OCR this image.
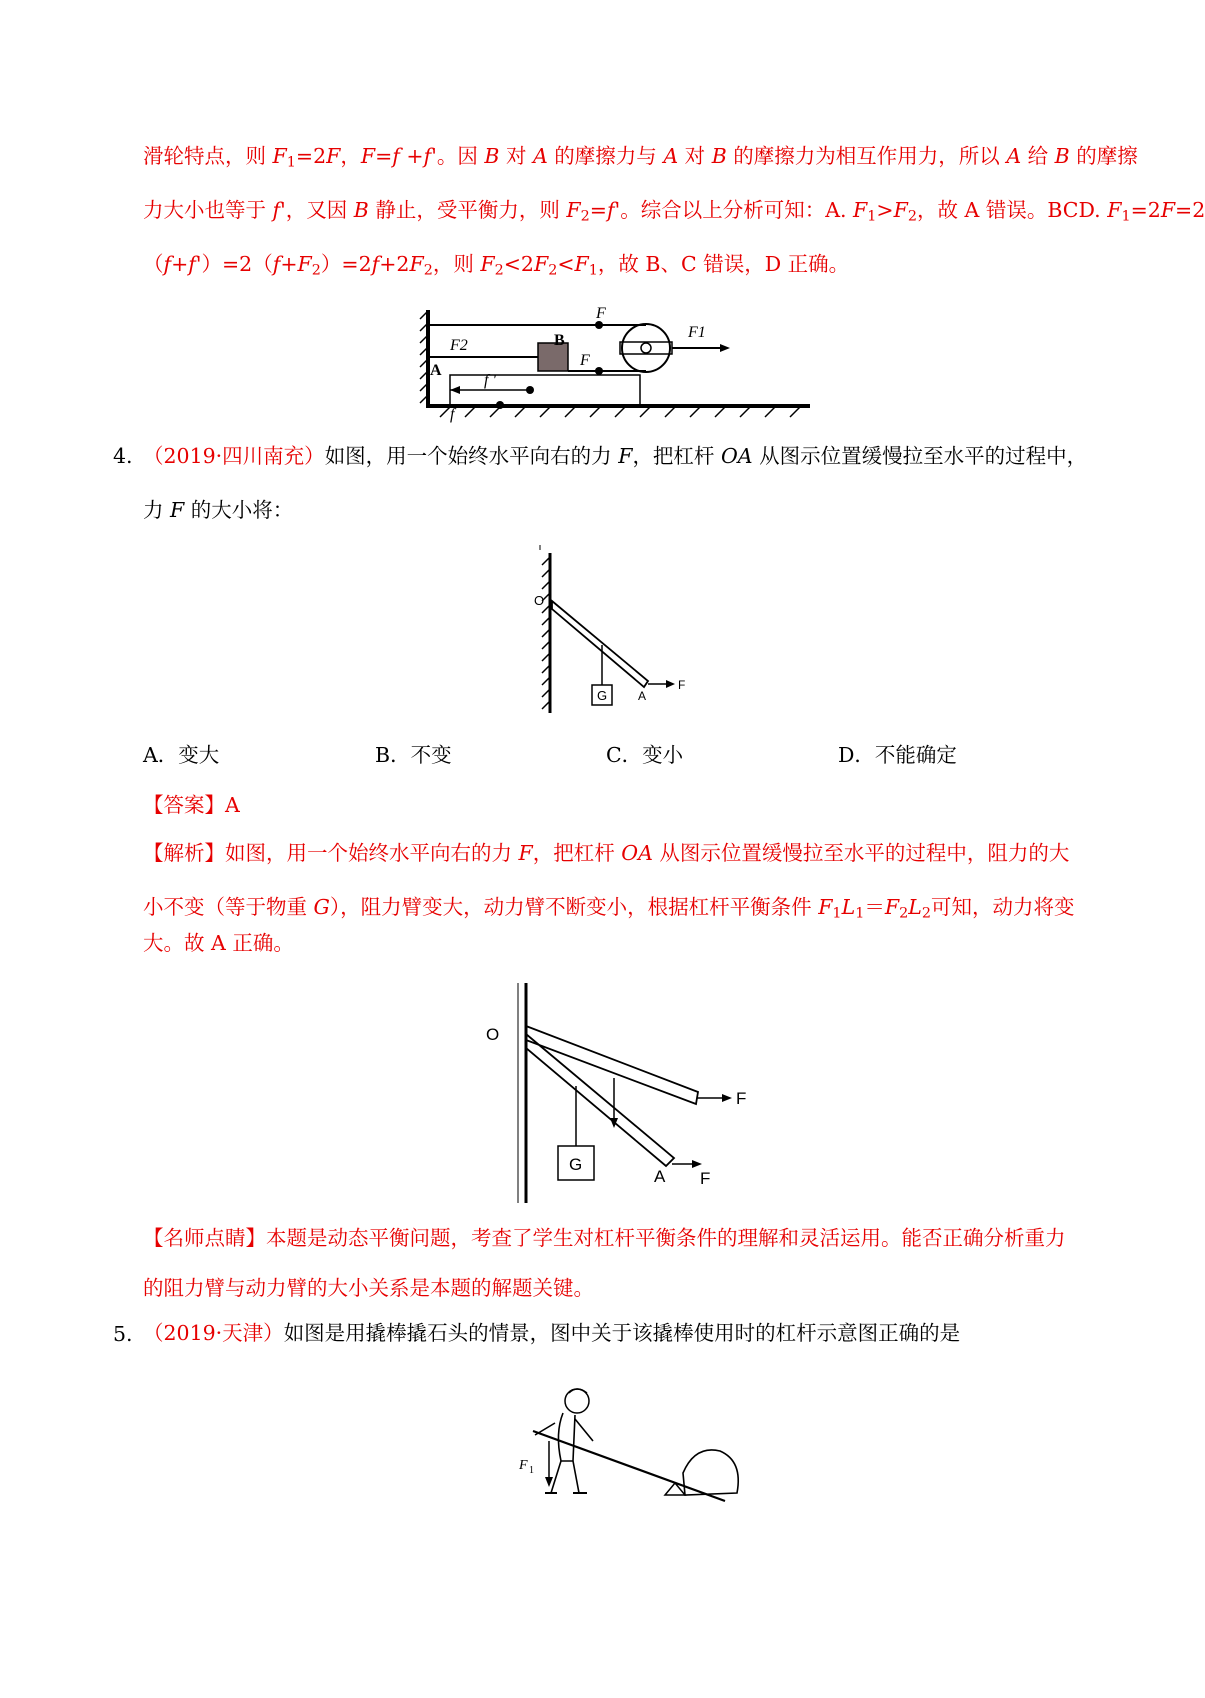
滑轮特点，则 $F_1=2F$，F=f +f'。因 B 对 A 的摩擦力与 A 对 B 的摩擦力为相互作用力，所以 A 给 B 的摩擦
力大小也等于 f'，又因 B 静止，受平衡力，则 $F_2=f'$。综合以上分析可知：A. $F_1>F_2$，故 A 错误。BCD. $F_1=2F=2$
$(f+f')=2(f+F_2)=2f+2F_2$，则 $F_2<2F_2<F_1$，故 B、C 错误，D 正确。
F
F1
F2	B
F
A
f '
f
4. （2019·四川南充）如图，用一个始终水平向右的力 F，把杠杆 OA 从图示位置缓慢拉至水平的过程中，
力 F 的大小将：
G
F
A
O
A．变大	B．不变	C．变小	D．不能确定
【答案】A
【解析】如图，用一个始终水平向右的力 F，把杠杆 OA 从图示位置缓慢拉至水平的过程中，阻力的大
小不变（等于物重 G），阻力臂变大，动力臂不断变小，根据杠杆平衡条件 $F_1L_1=F_2L_2$可知，动力将变
大。故 A 正确。
O
F
F
A
G
【名师点睛】本题是动态平衡问题，考查了学生对杠杆平衡条件的理解和灵活运用。能否正确分析重力
的阻力臂与动力臂的大小关系是本题的解题关键。
5. （2019·天津）如图是用撬棒撬石头的情景，图中关于该撬棒使用时的杠杆示意图正确的是
F 1
